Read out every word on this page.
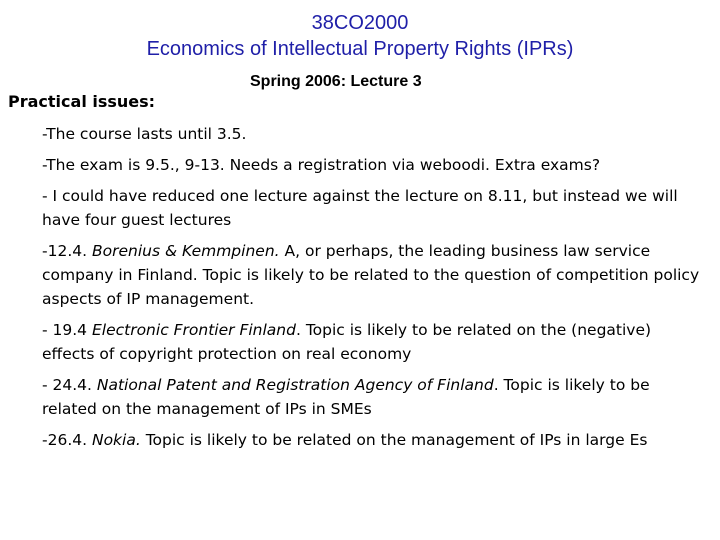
38CO2000
Economics of Intellectual Property Rights (IPRs)
Spring 2006: Lecture 3
Practical issues:
-The course lasts until 3.5.
-The exam is 9.5., 9-13. Needs a registration via weboodi. Extra exams?
- I could have reduced one lecture against the lecture on 8.11, but instead we will have four guest lectures
-12.4. Borenius & Kemmpinen. A, or perhaps, the leading business law service company in Finland. Topic is likely to be related to the question of competition policy aspects of IP management.
- 19.4 Electronic Frontier Finland. Topic is likely to be related on the (negative) effects of copyright protection on real economy
- 24.4. National Patent and Registration Agency of Finland. Topic is likely to be related on the management of IPs in SMEs
-26.4. Nokia. Topic is likely to be related on the management of IPs in large Es
